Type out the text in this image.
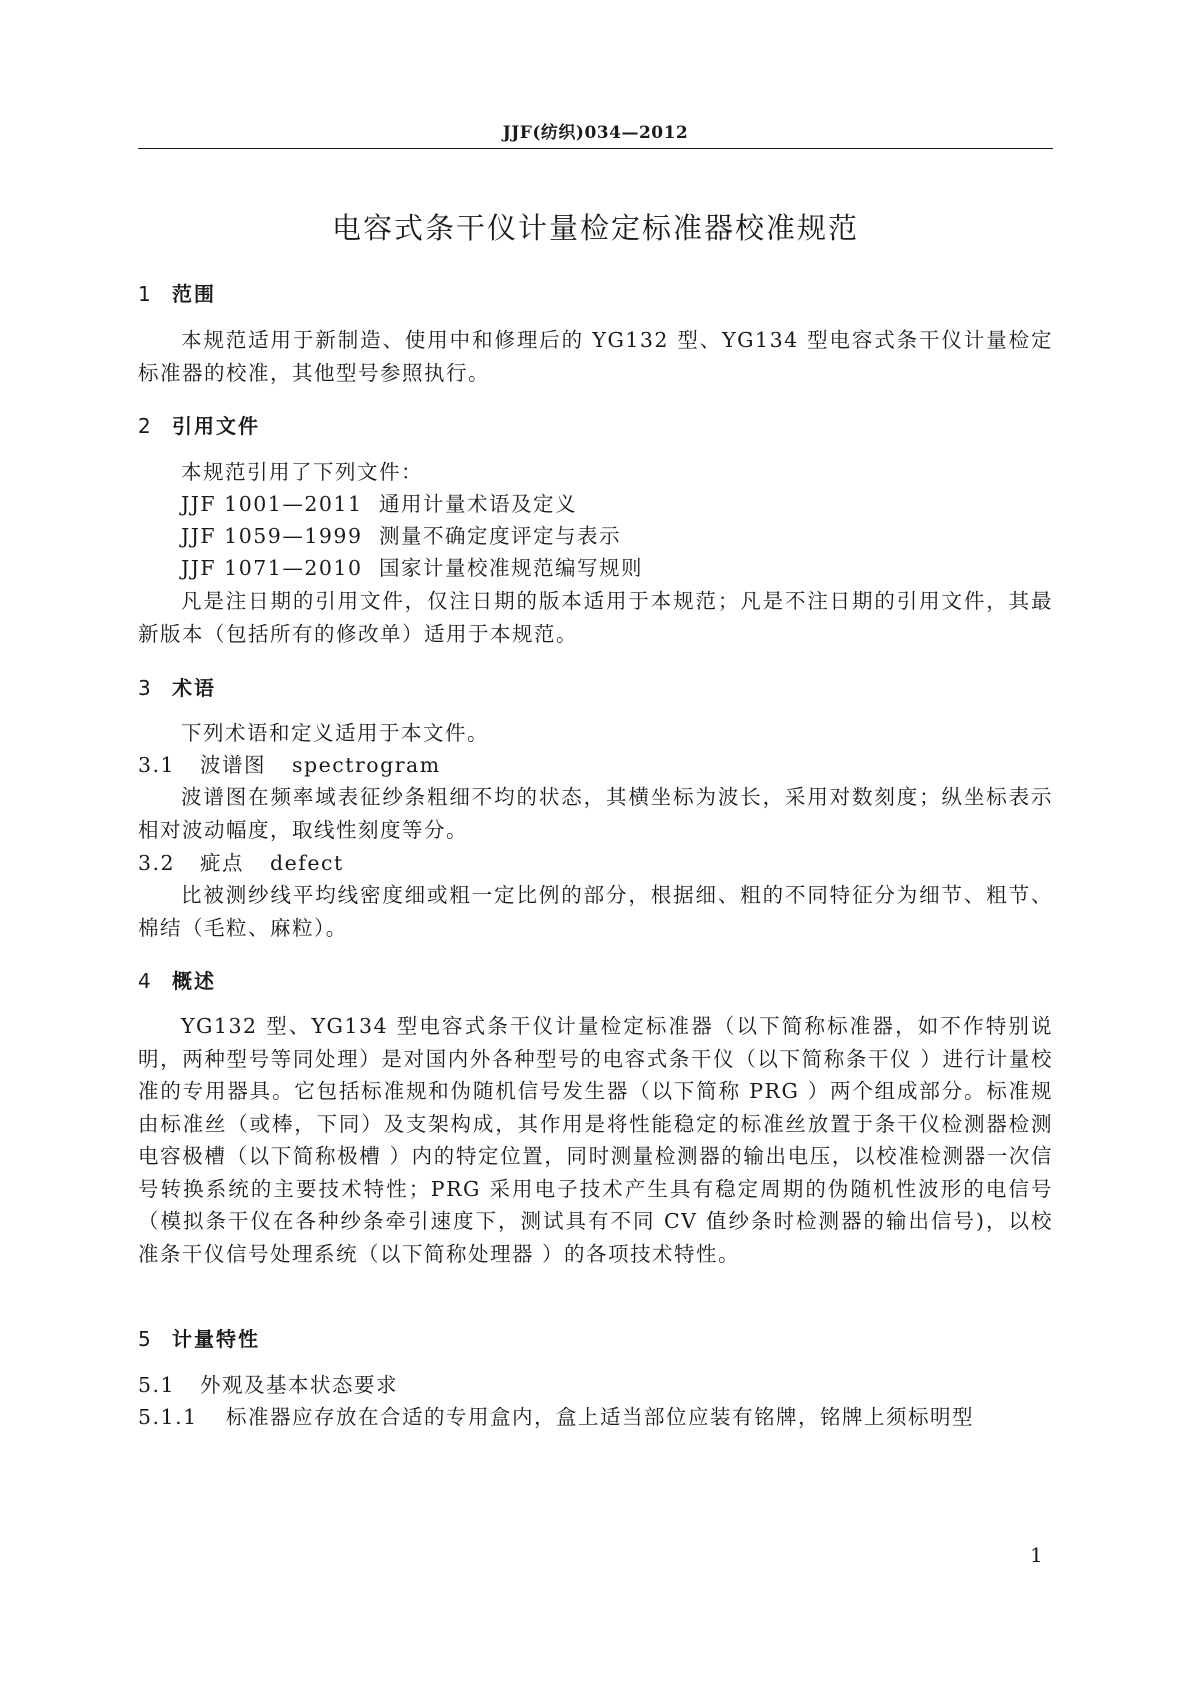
JJF(纺织)034—2012
电容式条干仪计量检定标准器校准规范
1 范围
本规范适用于新制造、使用中和修理后的 YG132 型、YG134 型电容式条干仪计量检定标准器的校准，其他型号参照执行。
2 引用文件
本规范引用了下列文件：
JJF 1001—2011 通用计量术语及定义
JJF 1059—1999 测量不确定度评定与表示
JJF 1071—2010 国家计量校准规范编写规则
凡是注日期的引用文件，仅注日期的版本适用于本规范；凡是不注日期的引用文件，其最新版本（包括所有的修改单）适用于本规范。
3 术语
下列术语和定义适用于本文件。
3.1 波谱图 spectrogram
波谱图在频率域表征纱条粗细不均的状态，其横坐标为波长，采用对数刻度；纵坐标表示相对波动幅度，取线性刻度等分。
3.2 疵点 defect
比被测纱线平均线密度细或粗一定比例的部分，根据细、粗的不同特征分为细节、粗节、棉结（毛粒、麻粒）。
4 概述
YG132 型、YG134 型电容式条干仪计量检定标准器（以下简称标准器，如不作特别说明，两种型号等同处理）是对国内外各种型号的电容式条干仪（以下简称条干仪 ）进行计量校准的专用器具。它包括标准规和伪随机信号发生器（以下简称 PRG ）两个组成部分。标准规由标准丝（或棒，下同）及支架构成，其作用是将性能稳定的标准丝放置于条干仪检测器检测电容极槽（以下简称极槽 ）内的特定位置，同时测量检测器的输出电压，以校准检测器一次信号转换系统的主要技术特性；PRG 采用电子技术产生具有稳定周期的伪随机性波形的电信号（模拟条干仪在各种纱条牵引速度下，测试具有不同 CV 值纱条时检测器的输出信号)，以校准条干仪信号处理系统（以下简称处理器 ）的各项技术特性。
5 计量特性
5.1 外观及基本状态要求
5.1.1 标准器应存放在合适的专用盒内，盒上适当部位应装有铭牌，铭牌上须标明型
1
